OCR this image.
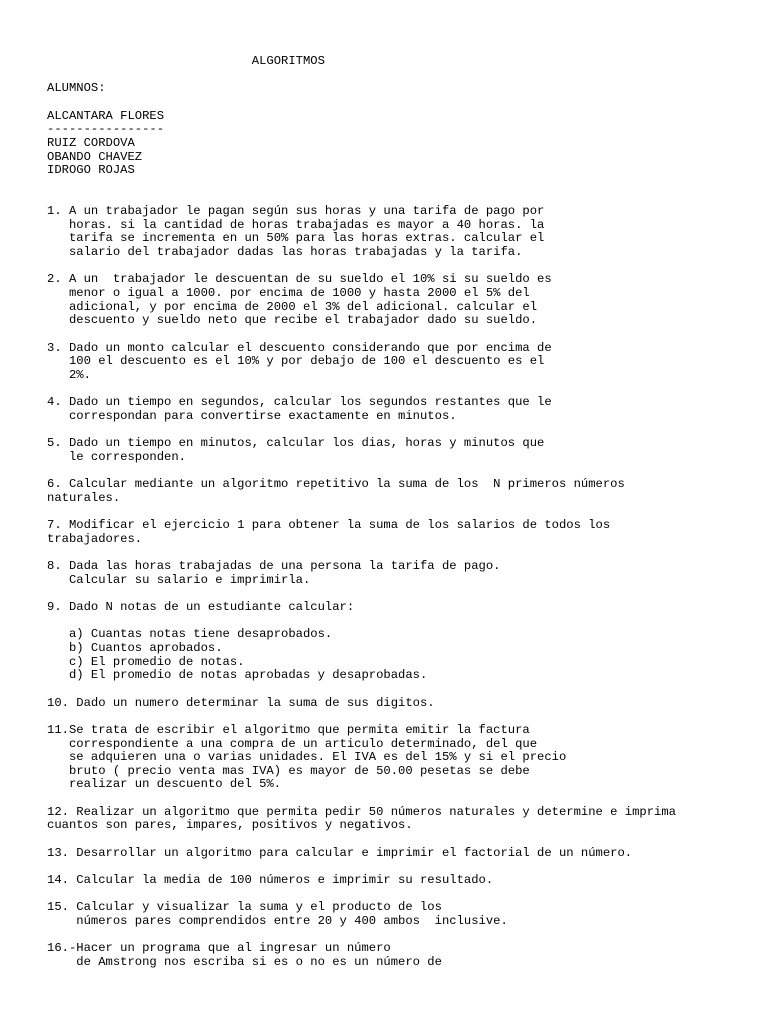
ALGORITMOS

ALUMNOS:

ALCANTARA FLORES

----------------

RUIZ CORDOVA

OBANDO CHAVEZ

IDROGO ROJAS

1. A un trabajador le pagan según sus horas y una tarifa de pago por

horas. si la cantidad de horas trabajadas es mayor a 40 horas. la

tarifa se incrementa en un 50% para las horas extras. calcular el

salario del trabajador dadas las horas trabajadas y la tarifa.

2. A un  trabajador le descuentan de su sueldo el 10% si su sueldo es

menor o igual a 1000. por encima de 1000 y hasta 2000 el 5% del

adicional, y por encima de 2000 el 3% del adicional. calcular el

descuento y sueldo neto que recibe el trabajador dado su sueldo.

3. Dado un monto calcular el descuento considerando que por encima de

100 el descuento es el 10% y por debajo de 100 el descuento es el

2%.

4. Dado un tiempo en segundos, calcular los segundos restantes que le

correspondan para convertirse exactamente en minutos.

5. Dado un tiempo en minutos, calcular los dias, horas y minutos que

le corresponden.

6. Calcular mediante un algoritmo repetitivo la suma de los  N primeros números

naturales.

7. Modificar el ejercicio 1 para obtener la suma de los salarios de todos los

trabajadores.

8. Dada las horas trabajadas de una persona la tarifa de pago.

Calcular su salario e imprimirla.

9. Dado N notas de un estudiante calcular:

a) Cuantas notas tiene desaprobados.

b) Cuantos aprobados.

c) El promedio de notas.

d) El promedio de notas aprobadas y desaprobadas.

10. Dado un numero determinar la suma de sus digitos.

11.Se trata de escribir el algoritmo que permita emitir la factura

correspondiente a una compra de un articulo determinado, del que

se adquieren una o varias unidades. El IVA es del 15% y si el precio

bruto ( precio venta mas IVA) es mayor de 50.00 pesetas se debe

realizar un descuento del 5%.

12. Realizar un algoritmo que permita pedir 50 números naturales y determine e imprima

cuantos son pares, impares, positivos y negativos.

13. Desarrollar un algoritmo para calcular e imprimir el factorial de un número.

14. Calcular la media de 100 números e imprimir su resultado.

15. Calcular y visualizar la suma y el producto de los

números pares comprendidos entre 20 y 400 ambos  inclusive.

16.-Hacer un programa que al ingresar un número

de Amstrong nos escriba si es o no es un número de
